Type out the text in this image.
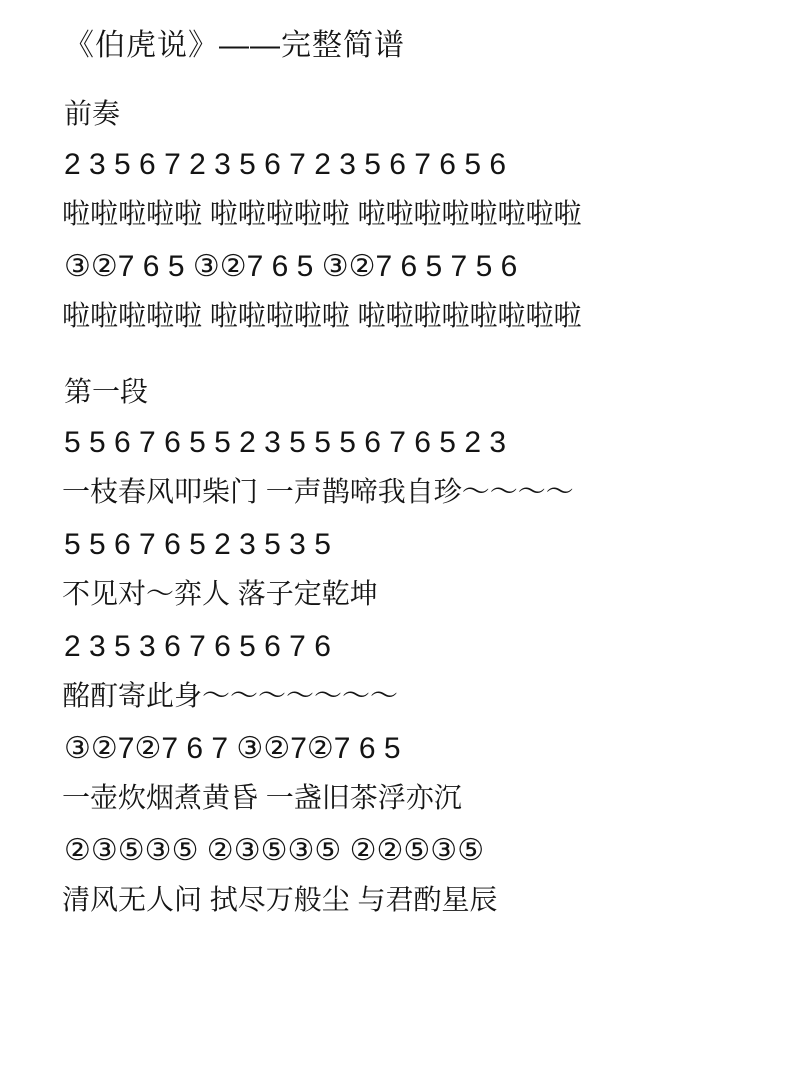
《伯虎说》——完整简谱
前奏
2 3 5 6 7 2 3 5 6 7 2 3 5 6 7 6 5 6
啦啦啦啦啦 啦啦啦啦啦 啦啦啦啦啦啦啦啦
③②7 6 5 ③②7 6 5 ③②7 6 5 7 5 6
啦啦啦啦啦 啦啦啦啦啦 啦啦啦啦啦啦啦啦
第一段
5 5 6 7 6 5 5 2 3 5 5 5 6 7 6 5 2 3
一枝春风叩柴门 一声鹊啼我自珍～～～～
5 5 6 7 6 5 2 3 5 3 5
不见对～弈人 落子定乾坤
2 3 5 3 6 7 6 5 6 7 6
酩酊寄此身～～～～～～～
③②7②7 6 7 ③②7②7 6 5
一壶炊烟煮黄昏 一盏旧茶浮亦沉
②③⑤③⑤ ②③⑤③⑤ ②②⑤③⑤
清风无人问 拭尽万般尘 与君酌星辰
